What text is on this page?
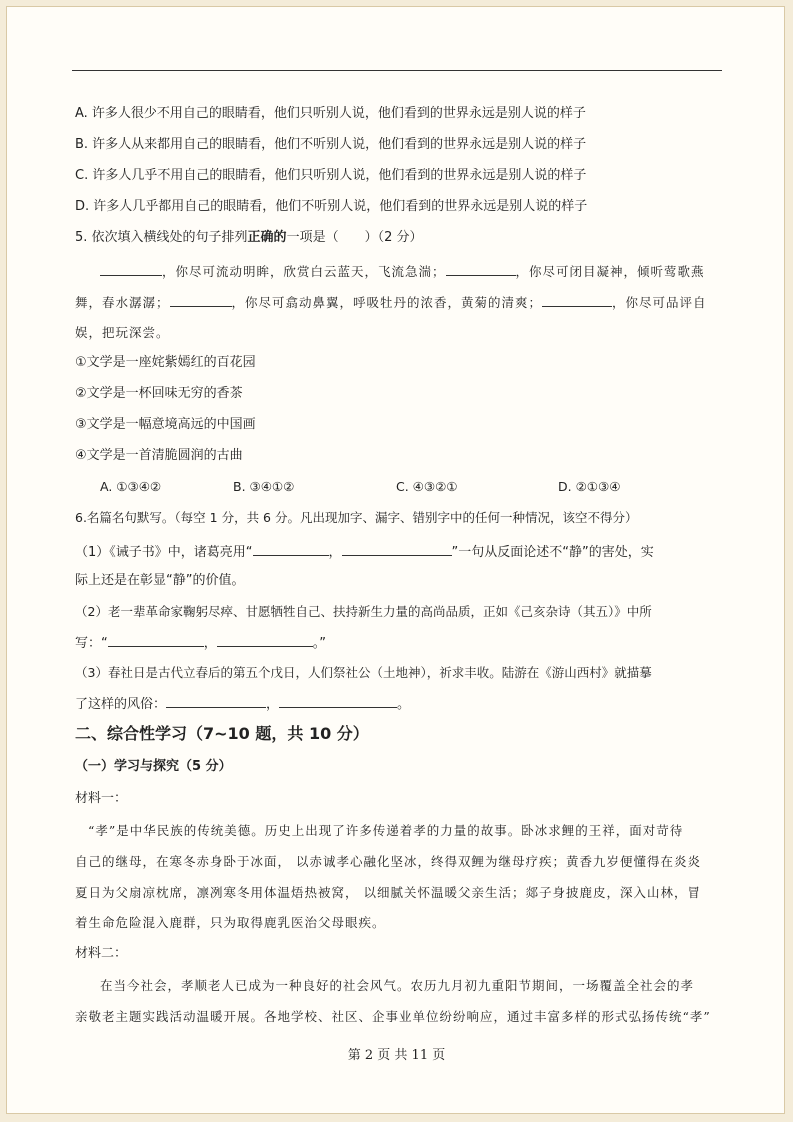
A. 许多人很少不用自己的眼睛看，他们只听别人说，他们看到的世界永远是别人说的样子
B. 许多人从来都用自己的眼睛看，他们不听别人说，他们看到的世界永远是别人说的样子
C. 许多人几乎不用自己的眼睛看，他们只听别人说，他们看到的世界永远是别人说的样子
D. 许多人几乎都用自己的眼睛看，他们不听别人说，他们看到的世界永远是别人说的样子
5. 依次填入横线处的句子排列正确的一项是（　　）（2 分）
，你尽可流动明眸，欣赏白云蓝天，飞流急湍；	，你尽可闭目凝神，倾听莺歌燕
舞，春水潺潺；	，你尽可翕动鼻翼，呼吸牡丹的浓香，黄菊的清爽；	，你尽可品评自
娱，把玩深尝。
①文学是一座姹紫嫣红的百花园
②文学是一杯回味无穷的香茶
③文学是一幅意境高远的中国画
④文学是一首清脆圆润的古曲
A. ①③④②	B. ③④①②	C. ④③②①	D. ②①③④
6.名篇名句默写。（每空 1 分，共 6 分。凡出现加字、漏字、错别字中的任何一种情况，该空不得分）
（1）《诫子书》中，诸葛亮用“	，	”一句从反面论述不“静”的害处，实
际上还是在彰显“静”的价值。
（2）老一辈革命家鞠躬尽瘁、甘愿牺牲自己、扶持新生力量的高尚品质，正如《己亥杂诗（其五）》中所
写：“	，	。”
（3）春社日是古代立春后的第五个戊日，人们祭社公（土地神），祈求丰收。陆游在《游山西村》就描摹
了这样的风俗：	，	。
二、综合性学习（7~10 题，共 10 分）
（一）学习与探究（5 分）
材料一：
“孝”是中华民族的传统美德。历史上出现了许多传递着孝的力量的故事。卧冰求鲤的王祥，面对苛待
自己的继母，在寒冬赤身卧于冰面， 以赤诚孝心融化坚冰，终得双鲤为继母疗疾；黄香九岁便懂得在炎炎
夏日为父扇凉枕席，凛冽寒冬用体温焐热被窝， 以细腻关怀温暖父亲生活；郯子身披鹿皮，深入山林，冒
着生命危险混入鹿群，只为取得鹿乳医治父母眼疾。
材料二：
在当今社会，孝顺老人已成为一种良好的社会风气。农历九月初九重阳节期间，一场覆盖全社会的孝
亲敬老主题实践活动温暖开展。各地学校、社区、企事业单位纷纷响应，通过丰富多样的形式弘扬传统“孝”
第 2 页 共 11 页
